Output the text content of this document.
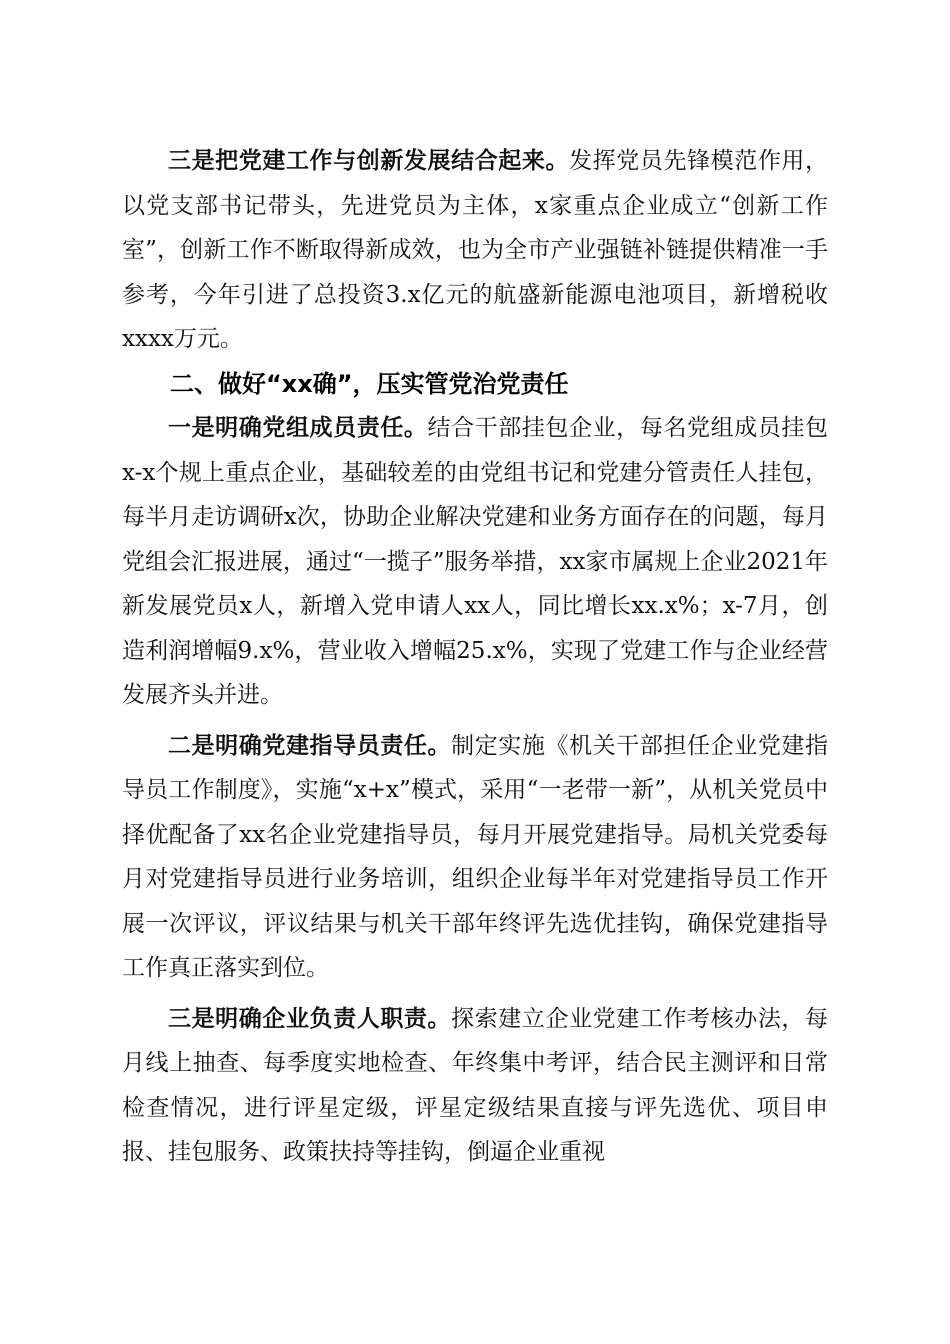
三是把党建工作与创新发展结合起来。发挥党员先锋模范作用，以党支部书记带头，先进党员为主体，x家重点企业成立“创新工作室”，创新工作不断取得新成效，也为全市产业强链补链提供精准一手参考，今年引进了总投资3.x亿元的航盛新能源电池项目，新增税收xxxx万元。

二、做好“xx确”，压实管党治党责任

一是明确党组成员责任。结合干部挂包企业，每名党组成员挂包x-x个规上重点企业，基础较差的由党组书记和党建分管责任人挂包，每半月走访调研x次，协助企业解决党建和业务方面存在的问题，每月党组会汇报进展，通过“一揽子”服务举措，xx家市属规上企业2021年新发展党员x人，新增入党申请人xx人，同比增长xx.x%；x-7月，创造利润增幅9.x%，营业收入增幅25.x%，实现了党建工作与企业经营发展齐头并进。

二是明确党建指导员责任。制定实施《机关干部担任企业党建指导员工作制度》，实施“x+x”模式，采用“一老带一新”，从机关党员中择优配备了xx名企业党建指导员，每月开展党建指导。局机关党委每月对党建指导员进行业务培训，组织企业每半年对党建指导员工作开展一次评议，评议结果与机关干部年终评先选优挂钩，确保党建指导工作真正落实到位。

三是明确企业负责人职责。探索建立企业党建工作考核办法，每月线上抽查、每季度实地检查、年终集中考评，结合民主测评和日常检查情况，进行评星定级，评星定级结果直接与评先选优、项目申报、挂包服务、政策扶持等挂钩，倒逼企业重视
